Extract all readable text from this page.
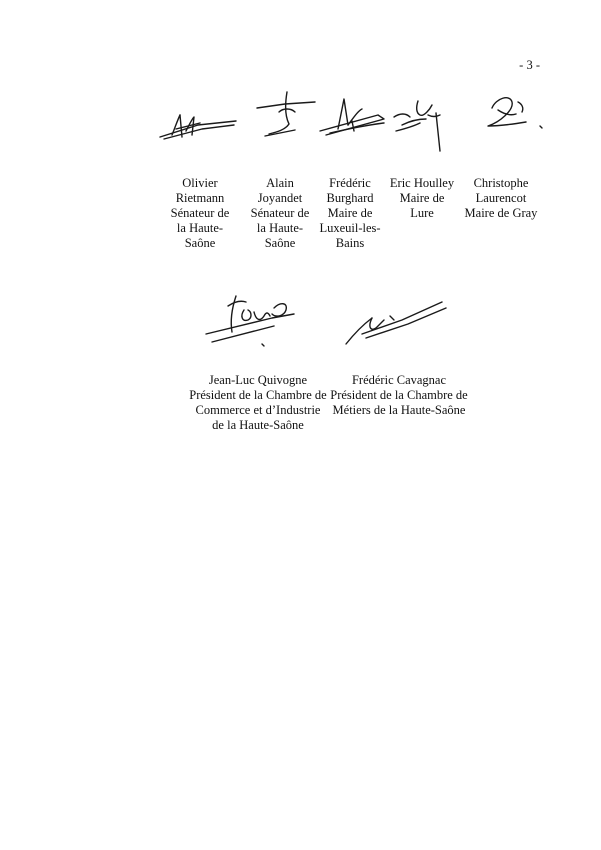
- 3 -
Olivier
Rietmann
Sénateur de
la Haute-
Saône
Alain
Joyandet
Sénateur de
la Haute-
Saône
Frédéric
Burghard
Maire de
Luxeuil-les-
Bains
Eric Houlley
Maire de
Lure
Christophe
Laurencot
Maire de Gray
Jean-Luc Quivogne
Président de la Chambre de
Commerce et d’Industrie
de la Haute-Saône
Frédéric Cavagnac
Président de la Chambre de
Métiers de la Haute-Saône
